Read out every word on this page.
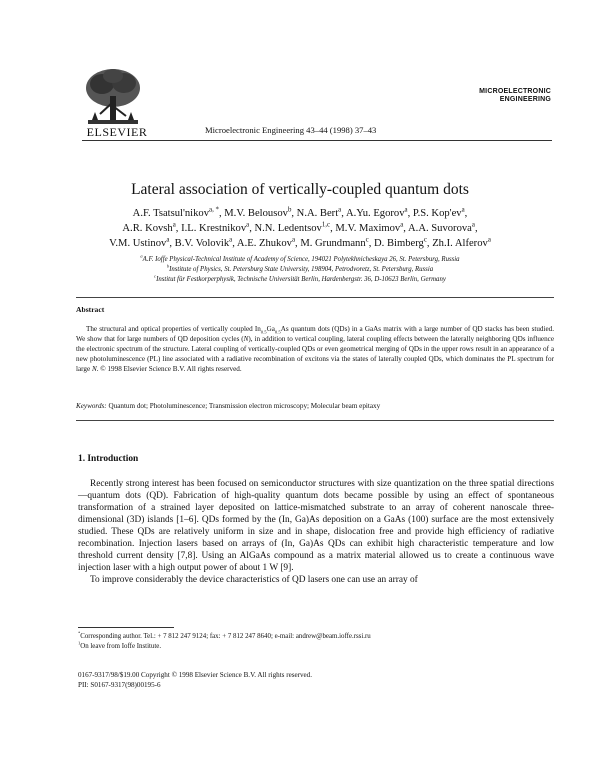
ELSEVIER	Microelectronic Engineering 43–44 (1998) 37–43
MICROELECTRONIC
ENGINEERING
Lateral association of vertically-coupled quantum dots
A.F. Tsatsul'nikov$^{a, *}$, M.V. Belousov$^b$, N.A. Bert$^a$, A.Yu. Egorov$^a$, P.S. $Kop'ev^a$,
A.R. Kovsh$^a$, I.L. Krestnikov$^a$, N.N. Ledentsov$^{1,c}$, M.V. Maximov$^a$, A.A. Suvorova$^a$,
V.M. Ustinov$^a$, B.V. Volovik$^a$, A.E. Zhukov$^a$, M. Grundmann$^c$, D. Bimberg$^c$, Zh.I. Alferov$^a$
$^a$A.F. Ioffe Physical-Technical Institute of Academy of Science, 194021 Polytekhnicheskaya 26, St. Petersburg, Russia
$^b$Institute of Physics, St. Petersburg State University, 198904, Petrodvoretz, St. Petersburg, Russia
$^c$Institut für Festkorperphysik, Technische Universität Berlin, Hardenbergstr. 36, D-10623 Berlin, Germany
Abstract
The structural and optical properties of vertically coupled $In_{0.5}Ga_{0.5}As$ quantum dots (QDs) in a GaAs matrix with a large number of QD stacks has been studied. We show that for large numbers of QD deposition cycles (N), in addition to vertical coupling, lateral coupling effects between the laterally neighboring QDs influence the electronic spectrum of the structure. Lateral coupling of vertically-coupled QDs or even geometrical merging of QDs in the upper rows result in an appearance of a new photoluminescence (PL) line associated with a radiative recombination of excitons via the states of laterally coupled QDs, which dominates the PL spectrum for large N. © 1998 Elsevier Science B.V. All rights reserved.
Keywords: Quantum dot; Photoluminescence; Transmission electron microscopy; Molecular beam epitaxy
1. Introduction

Recently strong interest has been focused on semiconductor structures with size quantization on the three spatial directions—quantum dots (QD). Fabrication of high-quality quantum dots became possible by using an effect of spontaneous transformation of a strained layer deposited on lattice-mismatched substrate to an array of coherent nanoscale three-dimensional (3D) islands [1–6]. QDs formed by the (In, Ga)As deposition on a GaAs (100) surface are the most extensively studied. These QDs are relatively uniform in size and in shape, dislocation free and provide high efficiency of radiative recombination. Injection lasers based on arrays of (In, Ga)As QDs can exhibit high characteristic temperature and low threshold current density [7,8]. Using an AlGaAs compound as a matrix material allowed us to create a continuous wave injection laser with a high output power of about 1 W [9].

To improve considerably the device characteristics of QD lasers one can use an array of

*Corresponding author. Tel.: + 7 812 247 9124; fax: + 7 812 247 8640; e-mail: andrew@beam.ioffe.rssi.ru
$^1$On leave from Ioffe Institute.
0167-9317/98/$19.00 Copyright © 1998 Elsevier Science B.V. All rights reserved.
PII: S0167-9317(98)00195-6
